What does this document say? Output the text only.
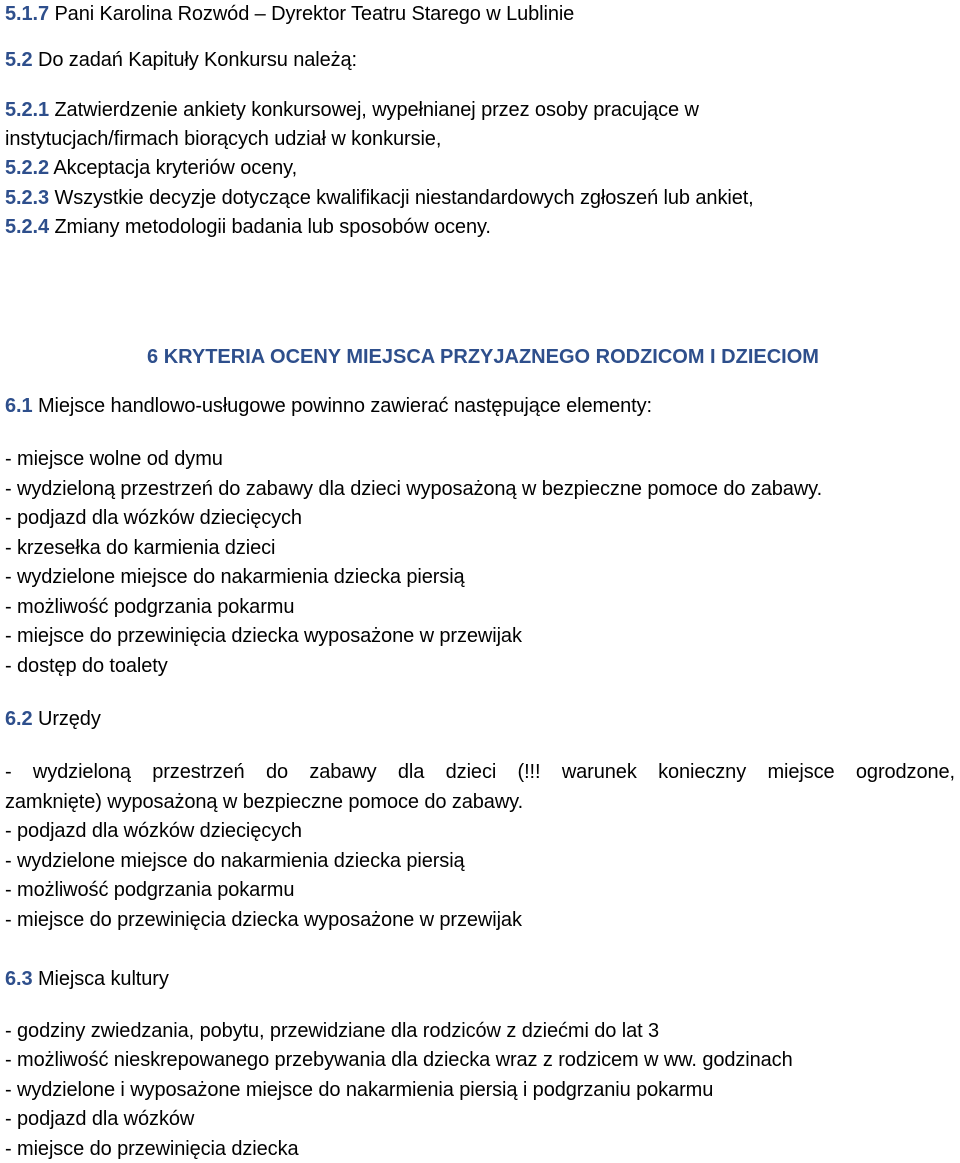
5.1.7 Pani Karolina Rozwód – Dyrektor Teatru Starego w Lublinie
5.2 Do zadań Kapituły Konkursu należą:
5.2.1 Zatwierdzenie ankiety konkursowej, wypełnianej przez osoby pracujące w
instytucjach/firmach biorących udział w konkursie,
5.2.2 Akceptacja kryteriów oceny,
5.2.3 Wszystkie decyzje dotyczące kwalifikacji niestandardowych zgłoszeń lub ankiet,
5.2.4 Zmiany metodologii badania lub sposobów oceny.
6 KRYTERIA OCENY MIEJSCA PRZYJAZNEGO RODZICOM I DZIECIOM
6.1 Miejsce handlowo-usługowe powinno zawierać następujące elementy:
- miejsce wolne od dymu
- wydzieloną przestrzeń do zabawy dla dzieci wyposażoną w bezpieczne pomoce do zabawy.
- podjazd dla wózków dziecięcych
- krzesełka do karmienia dzieci
- wydzielone miejsce do nakarmienia dziecka piersią
- możliwość podgrzania pokarmu
- miejsce do przewinięcia dziecka wyposażone w przewijak
- dostęp do toalety
6.2 Urzędy
- wydzieloną przestrzeń do zabawy dla dzieci (!!! warunek konieczny miejsce ogrodzone,
zamknięte) wyposażoną w bezpieczne pomoce do zabawy.
- podjazd dla wózków dziecięcych
- wydzielone miejsce do nakarmienia dziecka piersią
- możliwość podgrzania pokarmu
- miejsce do przewinięcia dziecka wyposażone w przewijak
6.3 Miejsca kultury
- godziny zwiedzania, pobytu, przewidziane dla rodziców z dziećmi do lat 3
- możliwość nieskrepowanego przebywania dla dziecka wraz z rodzicem w ww. godzinach
- wydzielone i wyposażone miejsce do nakarmienia piersią i podgrzaniu pokarmu
- podjazd dla wózków
- miejsce do przewinięcia dziecka
